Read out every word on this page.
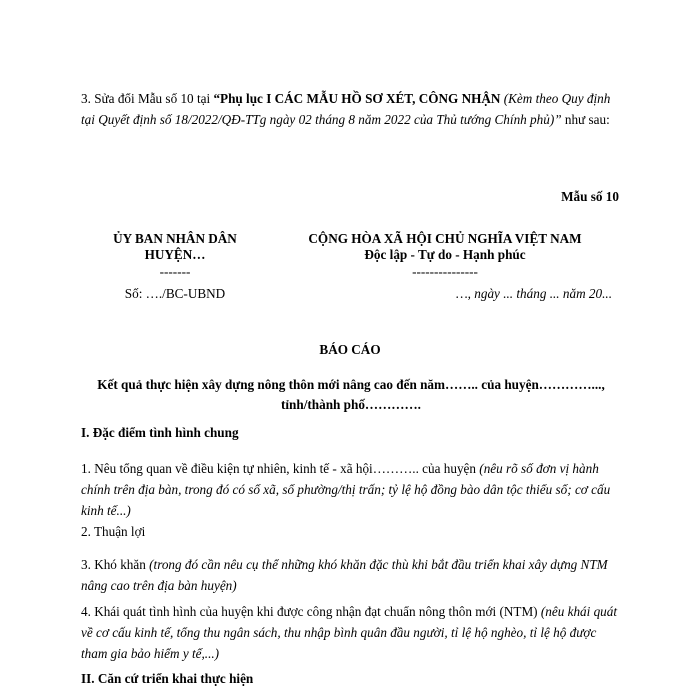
3. Sửa đổi Mẫu số 10 tại “Phụ lục I CÁC MẪU HỒ SƠ XÉT, CÔNG NHẬN (Kèm theo Quy định tại Quyết định số 18/2022/QĐ-TTg ngày 02 tháng 8 năm 2022 của Thủ tướng Chính phủ)” như sau:
Mẫu số 10
ỦY BAN NHÂN DÂN
HUYỆN…
-------
CỘNG HÒA XÃ HỘI CHỦ NGHĨA VIỆT NAM
Độc lập - Tự do - Hạnh phúc
---------------
Số: …./BC-UBND	…, ngày ... tháng ... năm 20...
BÁO CÁO
Kết quả thực hiện xây dựng nông thôn mới nâng cao đến năm…….. của huyện…………..., tỉnh/thành phố………….
I. Đặc điểm tình hình chung
1. Nêu tổng quan về điều kiện tự nhiên, kinh tế - xã hội……….. của huyện (nêu rõ số đơn vị hành chính trên địa bàn, trong đó có số xã, số phường/thị trấn; tỷ lệ hộ đồng bào dân tộc thiểu số; cơ cấu kinh tế...)
2. Thuận lợi
3. Khó khăn (trong đó cần nêu cụ thể những khó khăn đặc thù khi bắt đầu triển khai xây dựng NTM nâng cao trên địa bàn huyện)
4. Khái quát tình hình của huyện khi được công nhận đạt chuẩn nông thôn mới (NTM) (nêu khái quát về cơ cấu kinh tế, tổng thu ngân sách, thu nhập bình quân đầu người, tỉ lệ hộ nghèo, tỉ lệ hộ được tham gia bảo hiểm y tế,...)
II. Căn cứ triển khai thực hiện
